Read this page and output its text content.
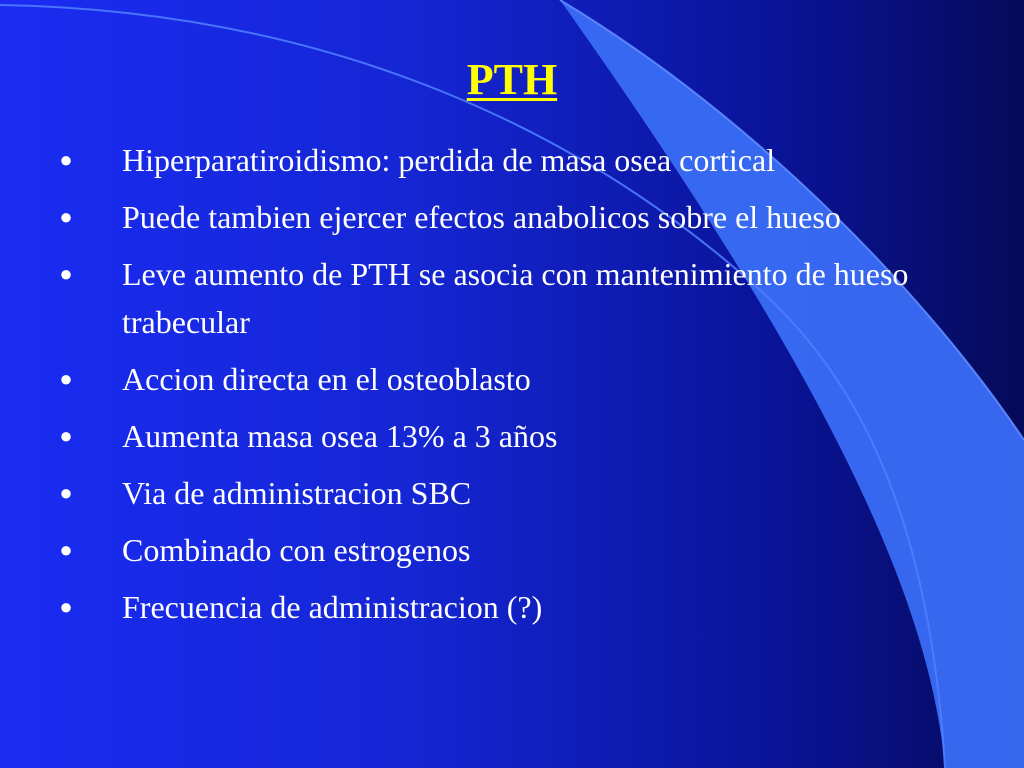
PTH
● Hiperparatiroidismo: perdida de masa osea cortical
● Puede tambien ejercer efectos anabolicos sobre el hueso
● Leve aumento de PTH se asocia con mantenimiento de hueso trabecular
● Accion directa en el osteoblasto
● Aumenta masa osea 13% a 3 años
● Via de administracion SBC
● Combinado con estrogenos
● Frecuencia de administracion (?)
